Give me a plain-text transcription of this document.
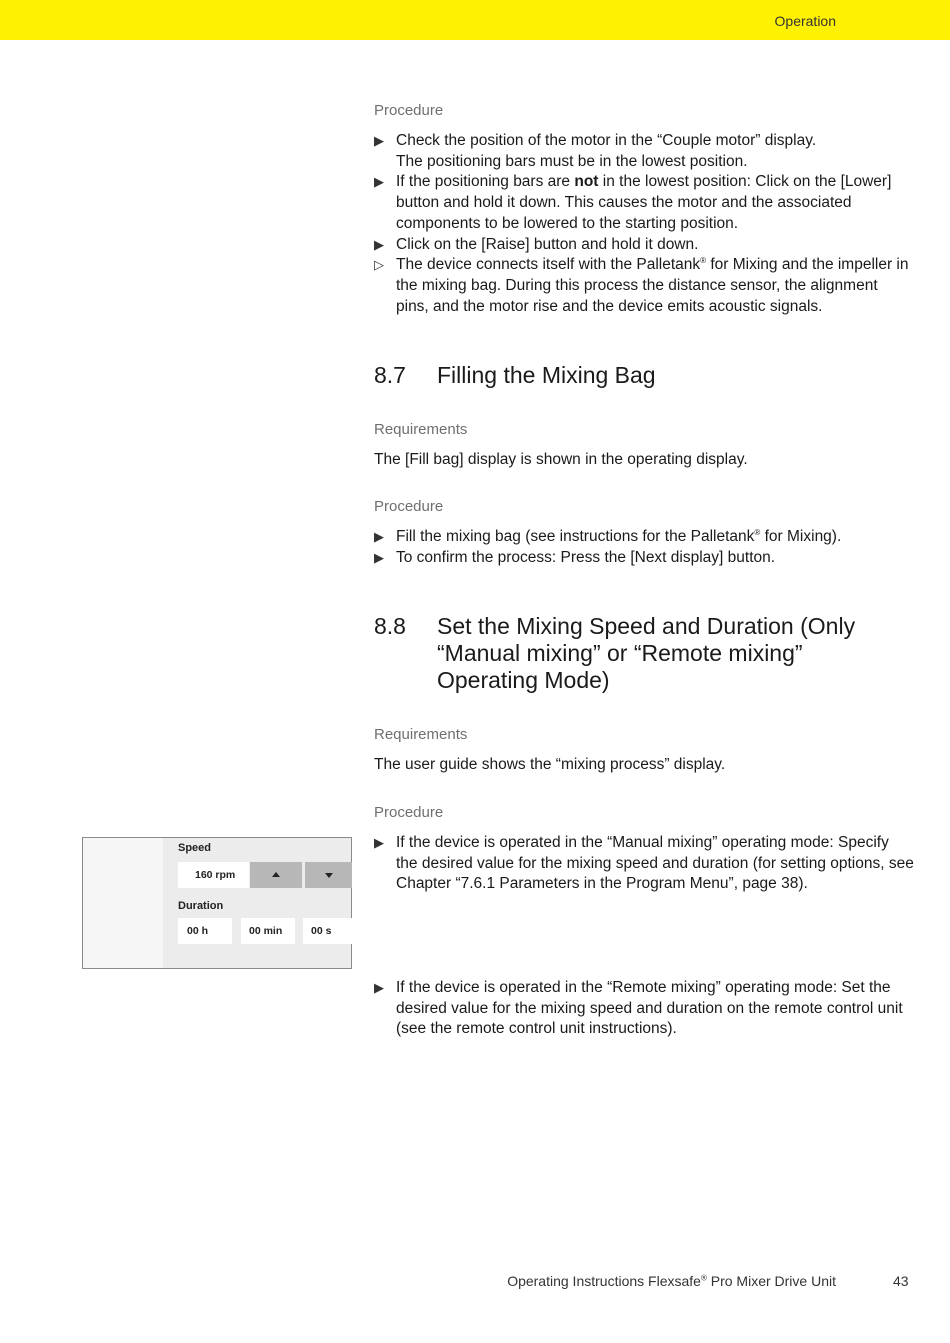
Operation
Procedure
▶ Check the position of the motor in the “Couple motor” display.
The positioning bars must be in the lowest position.
▶ If the positioning bars are not in the lowest position: Click on the [Lower] button and hold it down. This causes the motor and the associated components to be lowered to the starting position.
▶ Click on the [Raise] button and hold it down.
▷ The device connects itself with the Palletank® for Mixing and the impeller in the mixing bag. During this process the distance sensor, the alignment pins, and the motor rise and the device emits acoustic signals.
8.7 Filling the Mixing Bag
Requirements
The [Fill bag] display is shown in the operating display.
Procedure
▶ Fill the mixing bag (see instructions for the Palletank® for Mixing).
▶ To confirm the process: Press the [Next display] button.
8.8 Set the Mixing Speed and Duration (Only “Manual mixing” or “Remote mixing” Operating Mode)
Requirements
The user guide shows the “mixing process” display.
Procedure
▶ If the device is operated in the “Manual mixing” operating mode: Specify the desired value for the mixing speed and duration (for setting options, see Chapter “7.6.1 Parameters in the Program Menu”, page 38).
▶ If the device is operated in the “Remote mixing” operating mode: Set the desired value for the mixing speed and duration on the remote control unit (see the remote control unit instructions).
Speed
160 rpm
Duration
00 h	00 min	00 s
Operating Instructions Flexsafe® Pro Mixer Drive Unit	43
